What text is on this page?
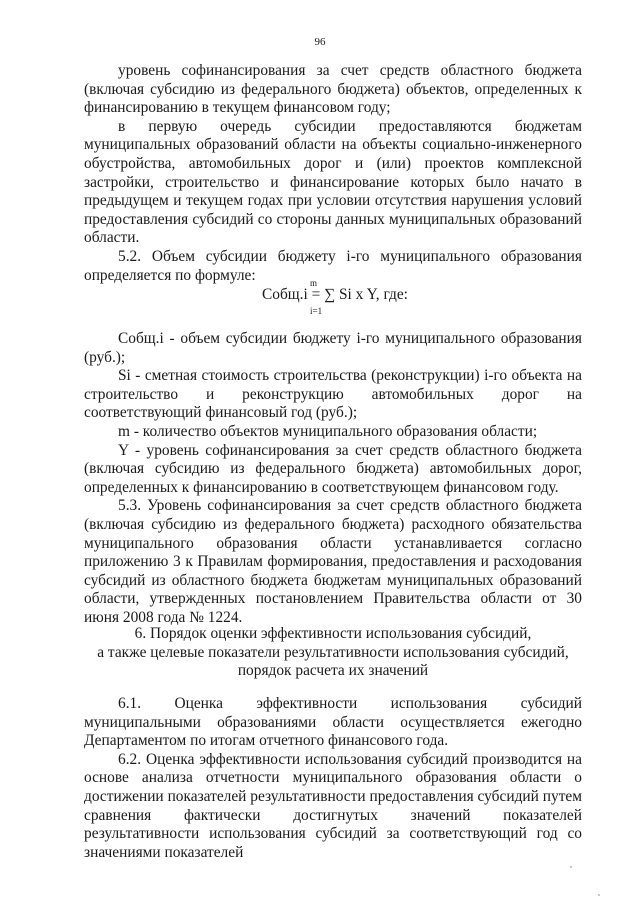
96

уровень софинансирования за счет средств областного бюджета (включая субсидию из федерального бюджета) объектов, определенных к финансированию в текущем финансовом году;

в первую очередь субсидии предоставляются бюджетам муниципальных образований области на объекты социально-инженерного обустройства, автомобильных дорог и (или) проектов комплексной застройки, строительство и финансирование которых было начато в предыдущем и текущем годах при условии отсутствия нарушения условий предоставления субсидий со стороны данных муниципальных образований области.

5.2. Объем субсидии бюджету i-го муниципального образования определяется по формуле:	m
Собщ.i = ∑ Si x Y, где:
i=1

Собщ.i - объем субсидии бюджету i-го муниципального образования (руб.);

Si - сметная стоимость строительства (реконструкции) i-го объекта на строительство и реконструкцию автомобильных дорог на соответствующий финансовый год (руб.);

m - количество объектов муниципального образования области;

Y - уровень софинансирования за счет средств областного бюджета (включая субсидию из федерального бюджета) автомобильных дорог, определенных к финансированию в соответствующем финансовом году.

5.3. Уровень софинансирования за счет средств областного бюджета (включая субсидию из федерального бюджета) расходного обязательства муниципального образования области устанавливается согласно приложению 3 к Правилам формирования, предоставления и расходования субсидий из областного бюджета бюджетам муниципальных образований области, утвержденных постановлением Правительства области от 30 июня 2008 года № 1224.

6. Порядок оценки эффективности использования субсидий,
а также целевые показатели результативности использования субсидий, порядок расчета их значений

6.1. Оценка эффективности использования субсидий муниципальными образованиями области осуществляется ежегодно Департаментом по итогам отчетного финансового года.

6.2. Оценка эффективности использования субсидий производится на основе анализа отчетности муниципального образования области о достижении показателей результативности предоставления субсидий путем сравнения фактически достигнутых значений показателей результативности использования субсидий за соответствующий год со значениями показателей
